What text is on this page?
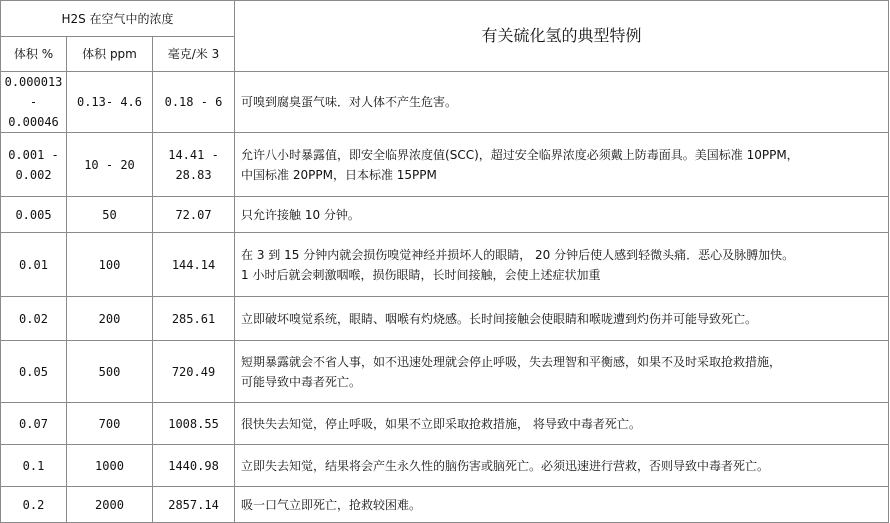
H2S 在空气中的浓度			有关硫化氢的典型特例
体积 %	体积 ppm	毫克/米 3	
0.000013
-
0.00046	0.13- 4.6	0.18 - 6	可嗅到腐臭蛋气味．对人体不产生危害。
0.001 -
0.002	10 - 20	14.41 -
28.83	允许八小时暴露值，即安全临界浓度值(SCC)，超过安全临界浓度必须戴上防毒面具。美国标准 10PPM，
中国标准 20PPM，日本标准 15PPM
0.005	50	72.07	只允许接触 10 分钟。
0.01	100	144.14	在 3 到 15 分钟内就会损伤嗅觉神经并损坏人的眼睛， 20 分钟后使人感到轻微头痛．恶心及脉膊加快。
1 小时后就会刺激咽喉，损伤眼睛，长时间接触，会使上述症状加重
0.02	200	285.61	立即破坏嗅觉系统，眼睛、咽喉有灼烧感。长时间接触会使眼睛和喉咙遭到灼伤并可能导致死亡。
0.05	500	720.49	短期暴露就会不省人事，如不迅速处理就会停止呼吸，失去理智和平衡感，如果不及时采取抢救措施，
可能导致中毒者死亡。
0.07	700	1008.55	很快失去知觉，停止呼吸，如果不立即采取抢救措施， 将导致中毒者死亡。
0.1	1000	1440.98	立即失去知觉，结果将会产生永久性的脑伤害或脑死亡。必须迅速进行营救，否则导致中毒者死亡。
0.2	2000	2857.14	吸一口气立即死亡，抢救较困难。
